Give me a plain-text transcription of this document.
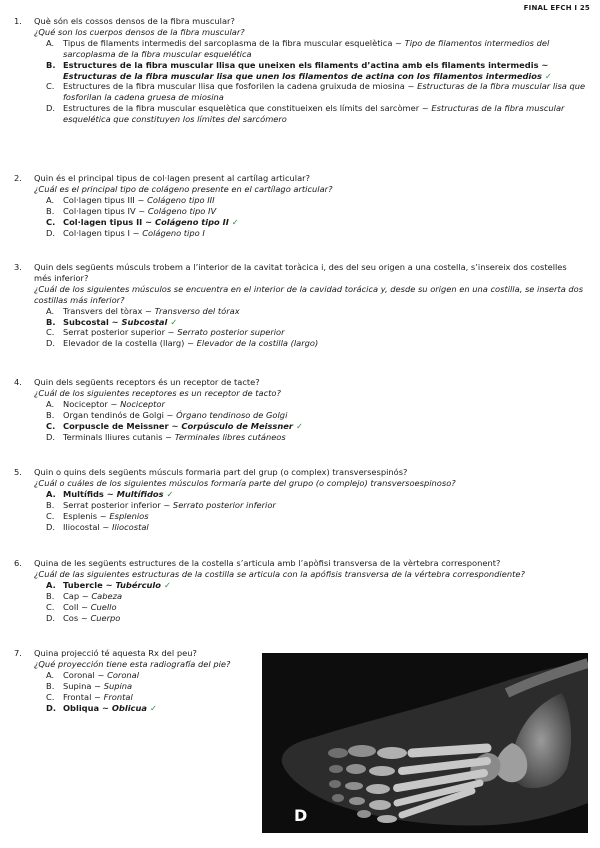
FINAL EFCH I 25
1.	Què són els cossos densos de la fibra muscular?
¿Qué son los cuerpos densos de la fibra muscular?
A.	Tipus de filaments intermedis del sarcoplasma de la fibra muscular esquelètica ~ Tipo de filamentos intermedios del sarcoplasma de la fibra muscular esquelética
B. Estructures de la fibra muscular llisa que uneixen els filaments d’actina amb els filaments intermedis ~ Estructuras de la fibra muscular lisa que unen los filamentos de actina con los filamentos intermedios ✓
C.	Estructures de la fibra muscular llisa que fosforilen la cadena gruixuda de miosina ~ Estructuras de la fibra muscular lisa que fosforilan la cadena gruesa de miosina
D. Estructures de la fibra muscular esquelètica que constitueixen els límits del sarcòmer ~ Estructuras de la fibra muscular esquelética que constituyen los límites del sarcómero
2.	Quin és el principal tipus de col·lagen present al cartílag articular?
¿Cuál es el principal tipo de colágeno presente en el cartílago articular?
A.	Col·lagen tipus III ~ Colágeno tipo III
B.	Col·lagen tipus IV ~ Colágeno tipo IV
C. Col·lagen tipus II ~ Colágeno tipo II ✓
D. Col·lagen tipus I ~ Colágeno tipo I
3.	Quin dels següents músculs trobem a l’interior de la cavitat toràcica i, des del seu origen a una costella, s’insereix dos costelles més inferior?
¿Cuál de los siguientes músculos se encuentra en el interior de la cavidad torácica y, desde su origen en una costilla, se inserta dos costillas más inferior?
A.	Transvers del tòrax ~ Transverso del tórax
B. Subcostal ~ Subcostal ✓
C.	Serrat posterior superior ~ Serrato posterior superior
D. Elevador de la costella (llarg) ~ Elevador de la costilla (largo)
4.	Quin dels següents receptors és un receptor de tacte?
¿Cuál de los siguientes receptores es un receptor de tacto?
A.	Nociceptor ~ Nociceptor
B.	Organ tendinós de Golgi ~ Órgano tendinoso de Golgi
C. Corpuscle de Meissner ~ Corpúsculo de Meissner ✓
D. Terminals lliures cutanis ~ Terminales libres cutáneos
5.	Quin o quins dels següents músculs formaria part del grup (o complex) transversespinós?
¿Cuál o cuáles de los siguientes músculos formaría parte del grupo (o complejo) transversoespinoso?
A. Multífids ~ Multífidos ✓
B.	Serrat posterior inferior ~ Serrato posterior inferior
C.	Esplenis ~ Esplenios
D. Iliocostal ~ Iliocostal
6.	Quina de les següents estructures de la costella s’articula amb l’apòfisi transversa de la vèrtebra corresponent?
¿Cuál de las siguientes estructuras de la costilla se articula con la apófisis transversa de la vértebra correspondiente?
A. Tubercle ~ Tubérculo ✓
B.	Cap ~ Cabeza
C.	Coll ~ Cuello
D. Cos ~ Cuerpo
7.	Quina projecció té aquesta Rx del peu?
¿Qué proyección tiene esta radiografía del pie?
A.	Coronal ~ Coronal
B.	Supina ~ Supina
C.	Frontal ~ Frontal
D. Obliqua ~ Oblicua ✓
D
